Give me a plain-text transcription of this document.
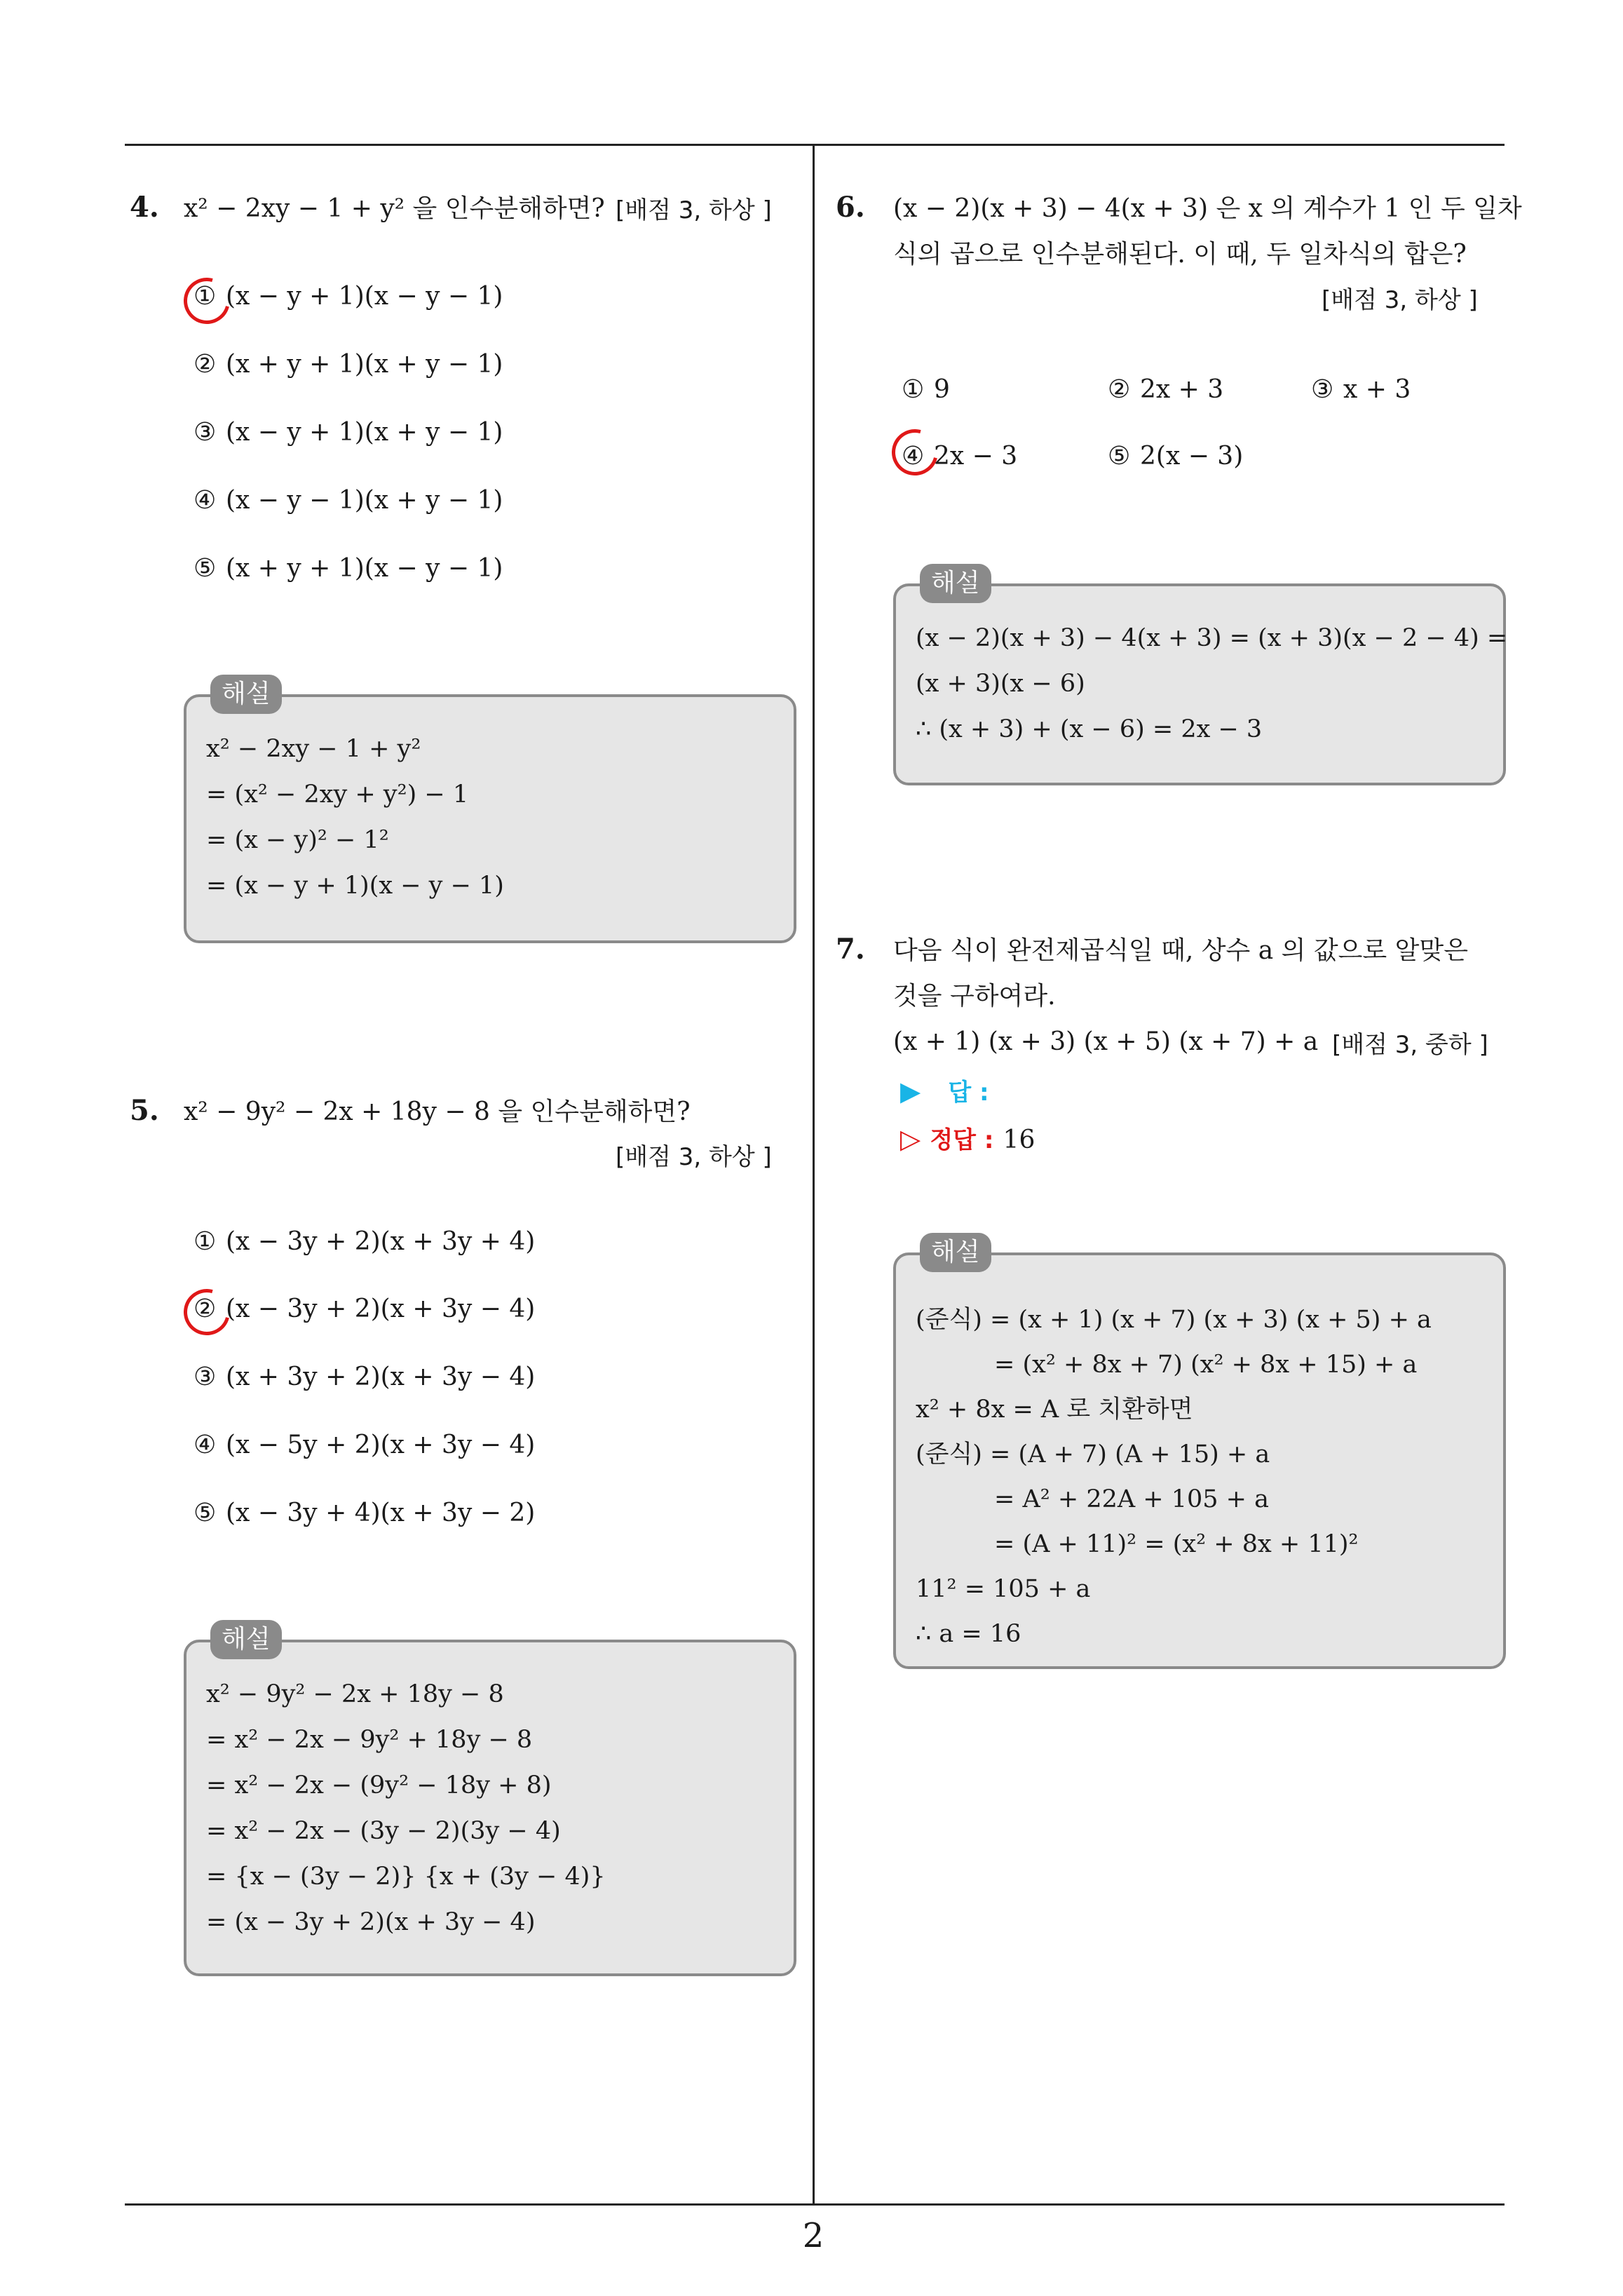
2
4. x² − 2xy − 1 + y² 을 인수분해하면? [배점 3, 하상 ]
① (x − y + 1)(x − y − 1)
② (x + y + 1)(x + y − 1)
③ (x − y + 1)(x + y − 1)
④ (x − y − 1)(x + y − 1)
⑤ (x + y + 1)(x − y − 1)
해설
x² − 2xy − 1 + y²
= (x² − 2xy + y²) − 1
= (x − y)² − 1²
= (x − y + 1)(x − y − 1)
5. x² − 9y² − 2x + 18y − 8 을 인수분해하면?
[배점 3, 하상 ]
① (x − 3y + 2)(x + 3y + 4)
② (x − 3y + 2)(x + 3y − 4)
③ (x + 3y + 2)(x + 3y − 4)
④ (x − 5y + 2)(x + 3y − 4)
⑤ (x − 3y + 4)(x + 3y − 2)
해설
x² − 9y² − 2x + 18y − 8
= x² − 2x − 9y² + 18y − 8
= x² − 2x − (9y² − 18y + 8)
= x² − 2x − (3y − 2)(3y − 4)
= {x − (3y − 2)} {x + (3y − 4)}
= (x − 3y + 2)(x + 3y − 4)
6. (x − 2)(x + 3) − 4(x + 3) 은 x 의 계수가 1 인 두 일차
식의 곱으로 인수분해된다. 이 때, 두 일차식의 합은?
[배점 3, 하상 ]
① 9	② 2x + 3	③ x + 3
④ 2x − 3	⑤ 2(x − 3)
해설
(x − 2)(x + 3) − 4(x + 3) = (x + 3)(x − 2 − 4) =
(x + 3)(x − 6)
∴ (x + 3) + (x − 6) = 2x − 3
7. 다음 식이 완전제곱식일 때, 상수 a 의 값으로 알맞은
것을 구하여라.
(x + 1) (x + 3) (x + 5) (x + 7) + a [배점 3, 중하 ]
▶ 답 :
▷ 정답 : 16
해설
(준식) = (x + 1) (x + 7) (x + 3) (x + 5) + a
= (x² + 8x + 7) (x² + 8x + 15) + a
x² + 8x = A 로 치환하면
(준식) = (A + 7) (A + 15) + a
= A² + 22A + 105 + a
= (A + 11)² = (x² + 8x + 11)²
11² = 105 + a
∴ a = 16
